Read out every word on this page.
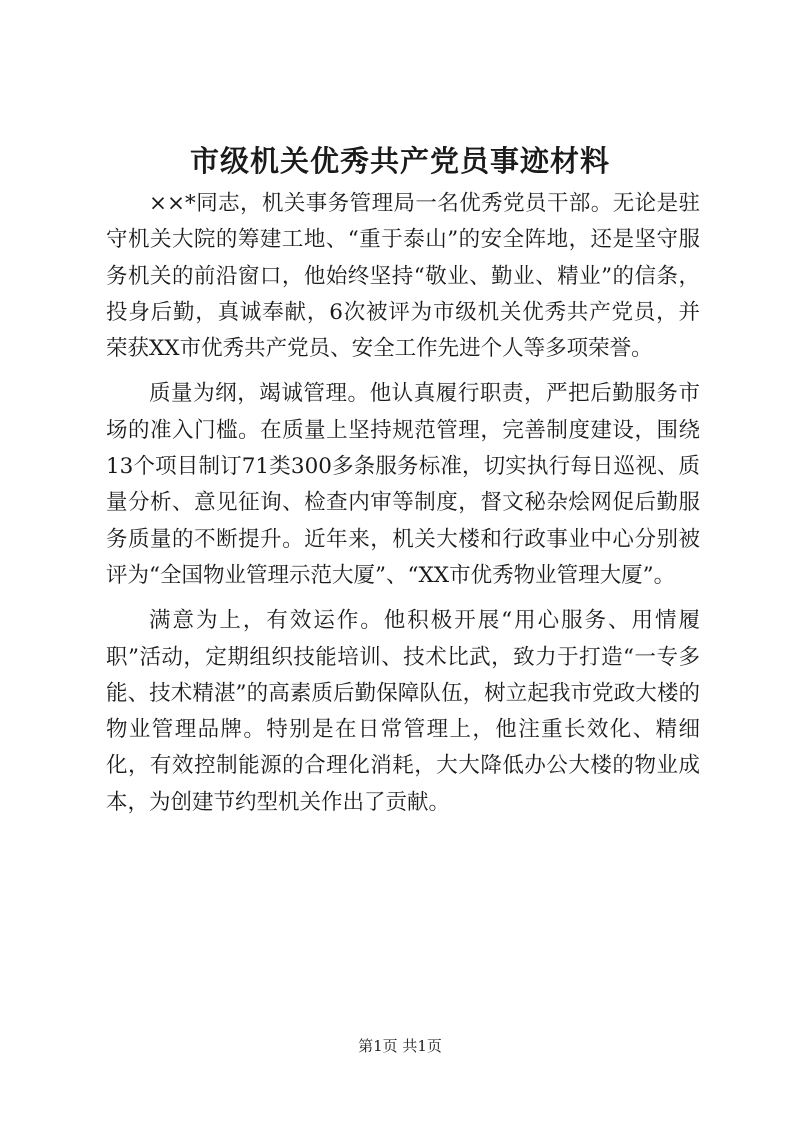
市级机关优秀共产党员事迹材料

××*同志，机关事务管理局一名优秀党员干部。无论是驻守机关大院的筹建工地、“重于泰山”的安全阵地，还是坚守服务机关的前沿窗口，他始终坚持“敬业、勤业、精业”的信条，投身后勤，真诚奉献，6次被评为市级机关优秀共产党员，并荣获XX市优秀共产党员、安全工作先进个人等多项荣誉。

质量为纲，竭诚管理。他认真履行职责，严把后勤服务市场的准入门槛。在质量上坚持规范管理，完善制度建设，围绕13个项目制订71类300多条服务标准，切实执行每日巡视、质量分析、意见征询、检查内审等制度，督文秘杂烩网促后勤服务质量的不断提升。近年来，机关大楼和行政事业中心分别被评为“全国物业管理示范大厦”、“XX市优秀物业管理大厦”。

满意为上，有效运作。他积极开展“用心服务、用情履职”活动，定期组织技能培训、技术比武，致力于打造“一专多能、技术精湛”的高素质后勤保障队伍，树立起我市党政大楼的物业管理品牌。特别是在日常管理上，他注重长效化、精细化，有效控制能源的合理化消耗，大大降低办公大楼的物业成本，为创建节约型机关作出了贡献。

第1页 共1页
